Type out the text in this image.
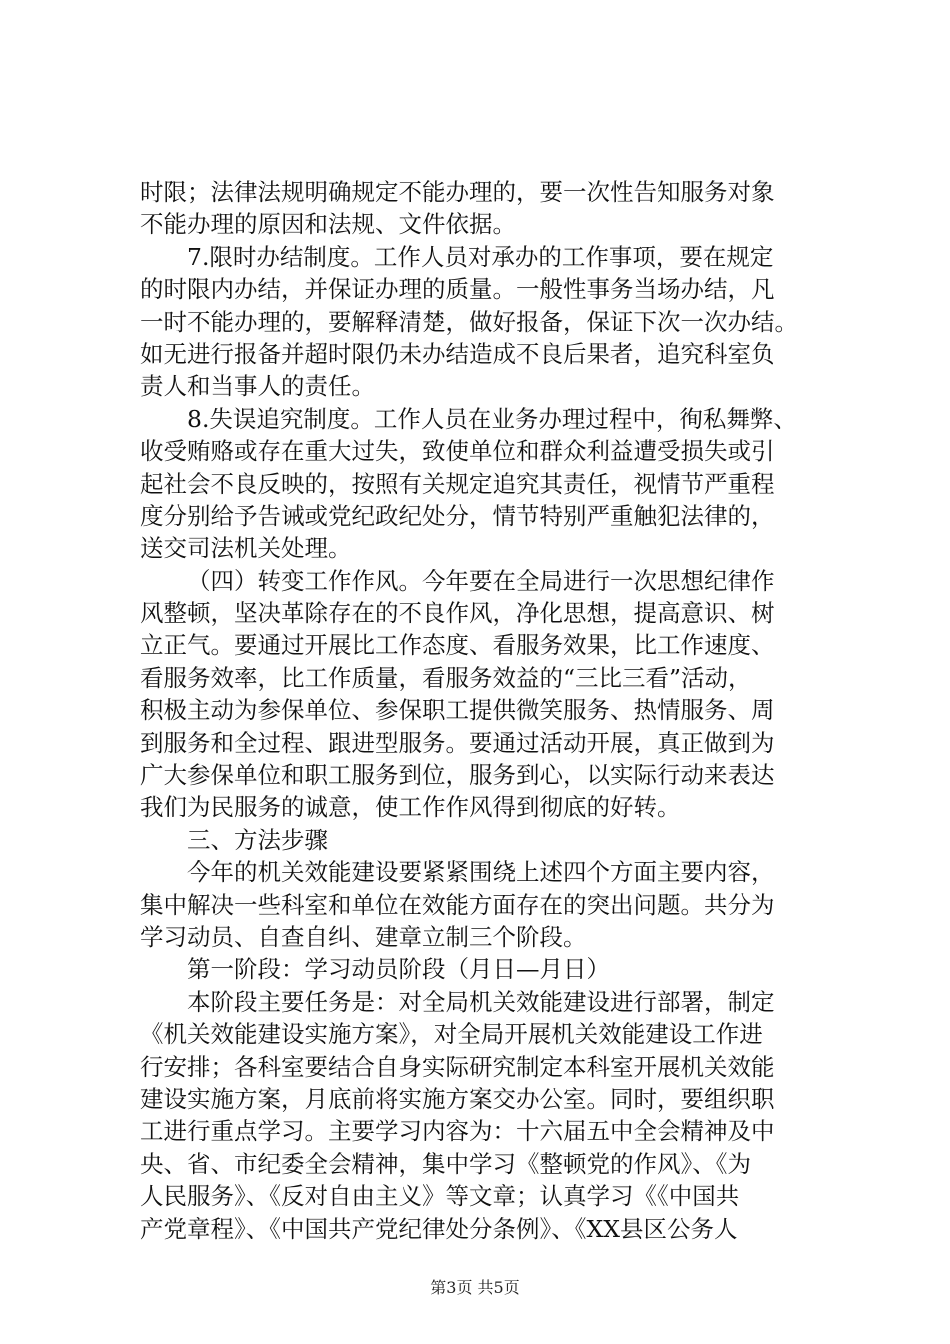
时限；法律法规明确规定不能办理的，要一次性告知服务对象
不能办理的原因和法规、文件依据。
7.限时办结制度。工作人员对承办的工作事项，要在规定
的时限内办结，并保证办理的质量。一般性事务当场办结，凡
一时不能办理的，要解释清楚，做好报备，保证下次一次办结。
如无进行报备并超时限仍未办结造成不良后果者，追究科室负
责人和当事人的责任。
8.失误追究制度。工作人员在业务办理过程中，徇私舞弊、
收受贿赂或存在重大过失，致使单位和群众利益遭受损失或引
起社会不良反映的，按照有关规定追究其责任，视情节严重程
度分别给予告诫或党纪政纪处分，情节特别严重触犯法律的，
送交司法机关处理。
（四）转变工作作风。今年要在全局进行一次思想纪律作
风整顿，坚决革除存在的不良作风，净化思想，提高意识、树
立正气。要通过开展比工作态度、看服务效果，比工作速度、
看服务效率，比工作质量，看服务效益的“三比三看”活动，
积极主动为参保单位、参保职工提供微笑服务、热情服务、周
到服务和全过程、跟进型服务。要通过活动开展，真正做到为
广大参保单位和职工服务到位，服务到心，以实际行动来表达
我们为民服务的诚意，使工作作风得到彻底的好转。
三、方法步骤
今年的机关效能建设要紧紧围绕上述四个方面主要内容，
集中解决一些科室和单位在效能方面存在的突出问题。共分为
学习动员、自查自纠、建章立制三个阶段。
第一阶段：学习动员阶段（月日—月日）
本阶段主要任务是：对全局机关效能建设进行部署，制定
《机关效能建设实施方案》，对全局开展机关效能建设工作进
行安排；各科室要结合自身实际研究制定本科室开展机关效能
建设实施方案，月底前将实施方案交办公室。同时，要组织职
工进行重点学习。主要学习内容为：十六届五中全会精神及中
央、省、市纪委全会精神，集中学习《整顿党的作风》、《为
人民服务》、《反对自由主义》等文章；认真学习《《中国共
产党章程》、《中国共产党纪律处分条例》、《XX县区公务人
第3页 共5页
